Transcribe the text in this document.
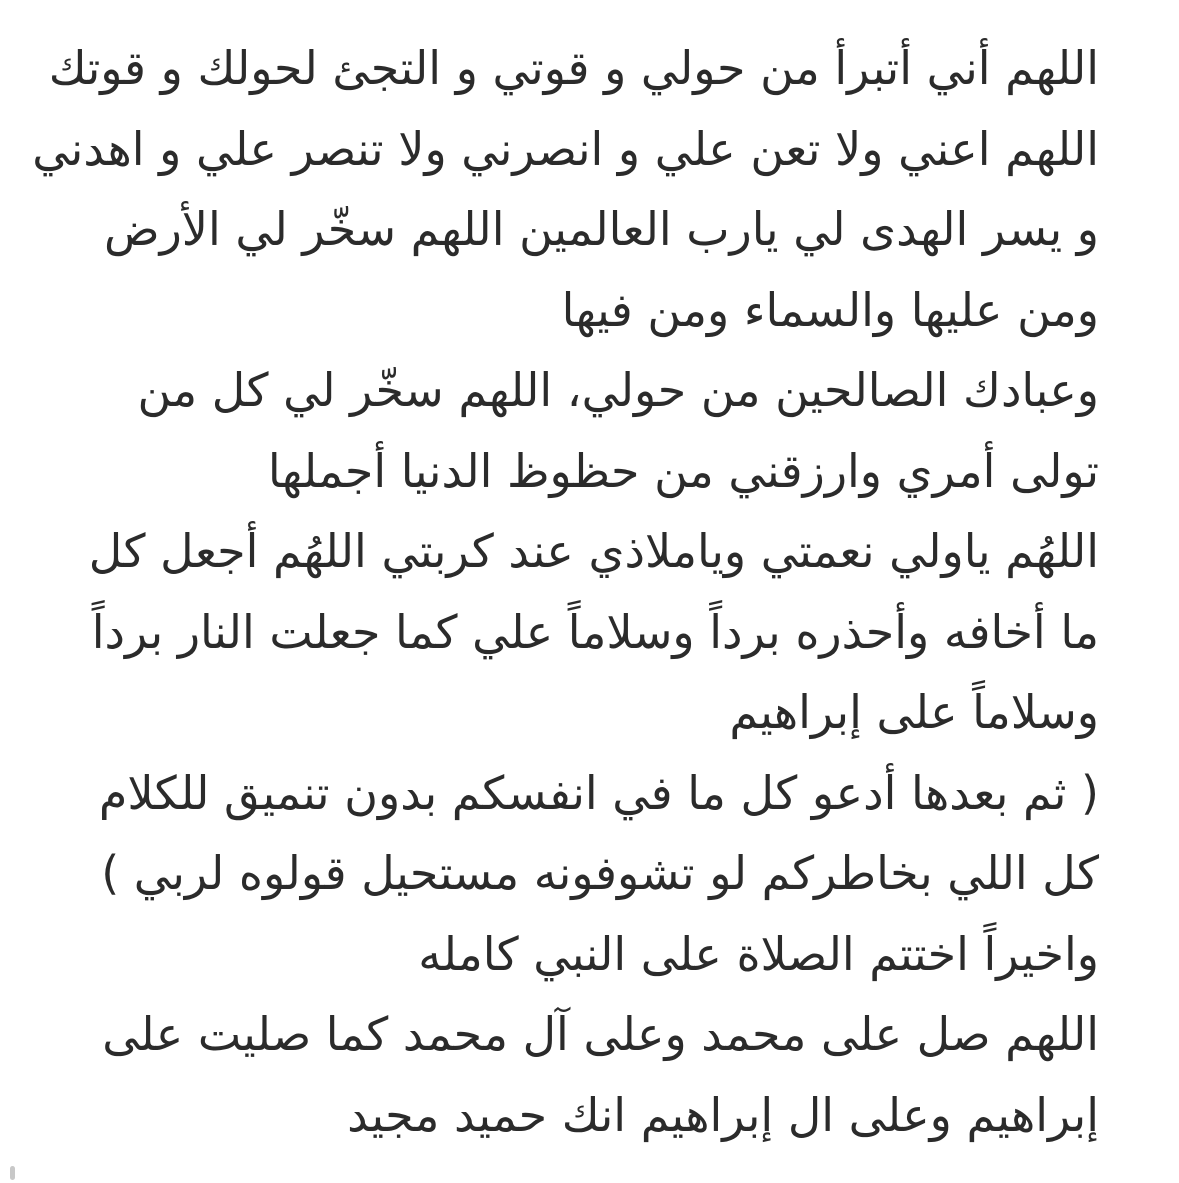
اللهم أني أتبرأ من حولي و قوتي و التجئ لحولك و قوتك
اللهم اعني ولا تعن علي و انصرني ولا تنصر علي و اهدني
و يسر الهدى لي يارب العالمين اللهم سخّر لي الأرض
ومن عليها والسماء ومن فيها
وعبادك الصالحين من حولي، اللهم سخّر لي كل من
تولى أمري وارزقني من حظوظ الدنيا أجملها
اللهُم ياولي نعمتي وياملاذي عند كربتي اللهُم أجعل كل
ما أخافه وأحذره برداً وسلاماً علي كما جعلت النار برداً
وسلاماً على إبراهيم
( ثم بعدها أدعو كل ما في انفسكم بدون تنميق للكلام
كل اللي بخاطركم لو تشوفونه مستحيل قولوه لربي )
واخيراً اختتم الصلاة على النبي كامله
اللهم صل على محمد وعلى آل محمد كما صليت على
إبراهيم وعلى ال إبراهيم انك حميد مجيد
